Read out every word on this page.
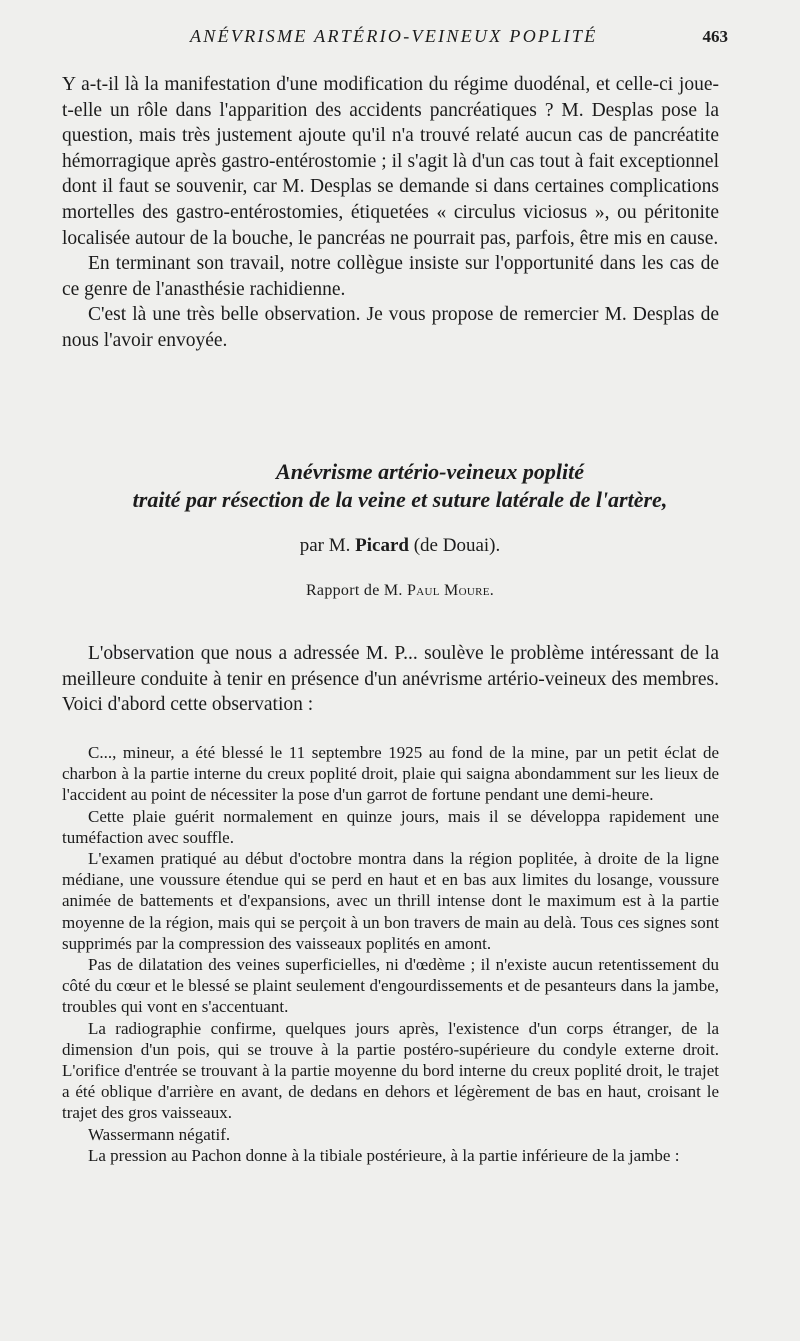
ANÉVRISME ARTÉRIO-VEINEUX POPLITÉ	463

Y a-t-il là la manifestation d'une modification du régime duodénal, et celle-ci joue-t-elle un rôle dans l'apparition des accidents pancréatiques ? M. Desplas pose la question, mais très justement ajoute qu'il n'a trouvé relaté aucun cas de pancréatite hémorragique après gastro-entérostomie ; il s'agit là d'un cas tout à fait exceptionnel dont il faut se souvenir, car M. Desplas se demande si dans certaines complications mortelles des gastro-entérostomies, étiquetées « circulus viciosus », ou péritonite localisée autour de la bouche, le pancréas ne pourrait pas, parfois, être mis en cause.

En terminant son travail, notre collègue insiste sur l'opportunité dans les cas de ce genre de l'anasthésie rachidienne.

C'est là une très belle observation. Je vous propose de remercier M. Desplas de nous l'avoir envoyée.

Anévrisme artério-veineux poplité
traité par résection de la veine et suture latérale de l'artère,
par M. Picard (de Douai).
Rapport de M. Paul Moure.

L'observation que nous a adressée M. P... soulève le problème intéressant de la meilleure conduite à tenir en présence d'un anévrisme artério-veineux des membres. Voici d'abord cette observation :

C..., mineur, a été blessé le 11 septembre 1925 au fond de la mine, par un petit éclat de charbon à la partie interne du creux poplité droit, plaie qui saigna abondamment sur les lieux de l'accident au point de nécessiter la pose d'un garrot de fortune pendant une demi-heure.

Cette plaie guérit normalement en quinze jours, mais il se développa rapidement une tuméfaction avec souffle.

L'examen pratiqué au début d'octobre montra dans la région poplitée, à droite de la ligne médiane, une voussure étendue qui se perd en haut et en bas aux limites du losange, voussure animée de battements et d'expansions, avec un thrill intense dont le maximum est à la partie moyenne de la région, mais qui se perçoit à un bon travers de main au delà. Tous ces signes sont supprimés par la compression des vaisseaux poplités en amont.

Pas de dilatation des veines superficielles, ni d'œdème ; il n'existe aucun retentissement du côté du cœur et le blessé se plaint seulement d'engourdissements et de pesanteurs dans la jambe, troubles qui vont en s'accentuant.

La radiographie confirme, quelques jours après, l'existence d'un corps étranger, de la dimension d'un pois, qui se trouve à la partie postéro-supérieure du condyle externe droit. L'orifice d'entrée se trouvant à la partie moyenne du bord interne du creux poplité droit, le trajet a été oblique d'arrière en avant, de dedans en dehors et légèrement de bas en haut, croisant le trajet des gros vaisseaux.

Wassermann négatif.

La pression au Pachon donne à la tibiale postérieure, à la partie inférieure de la jambe :
